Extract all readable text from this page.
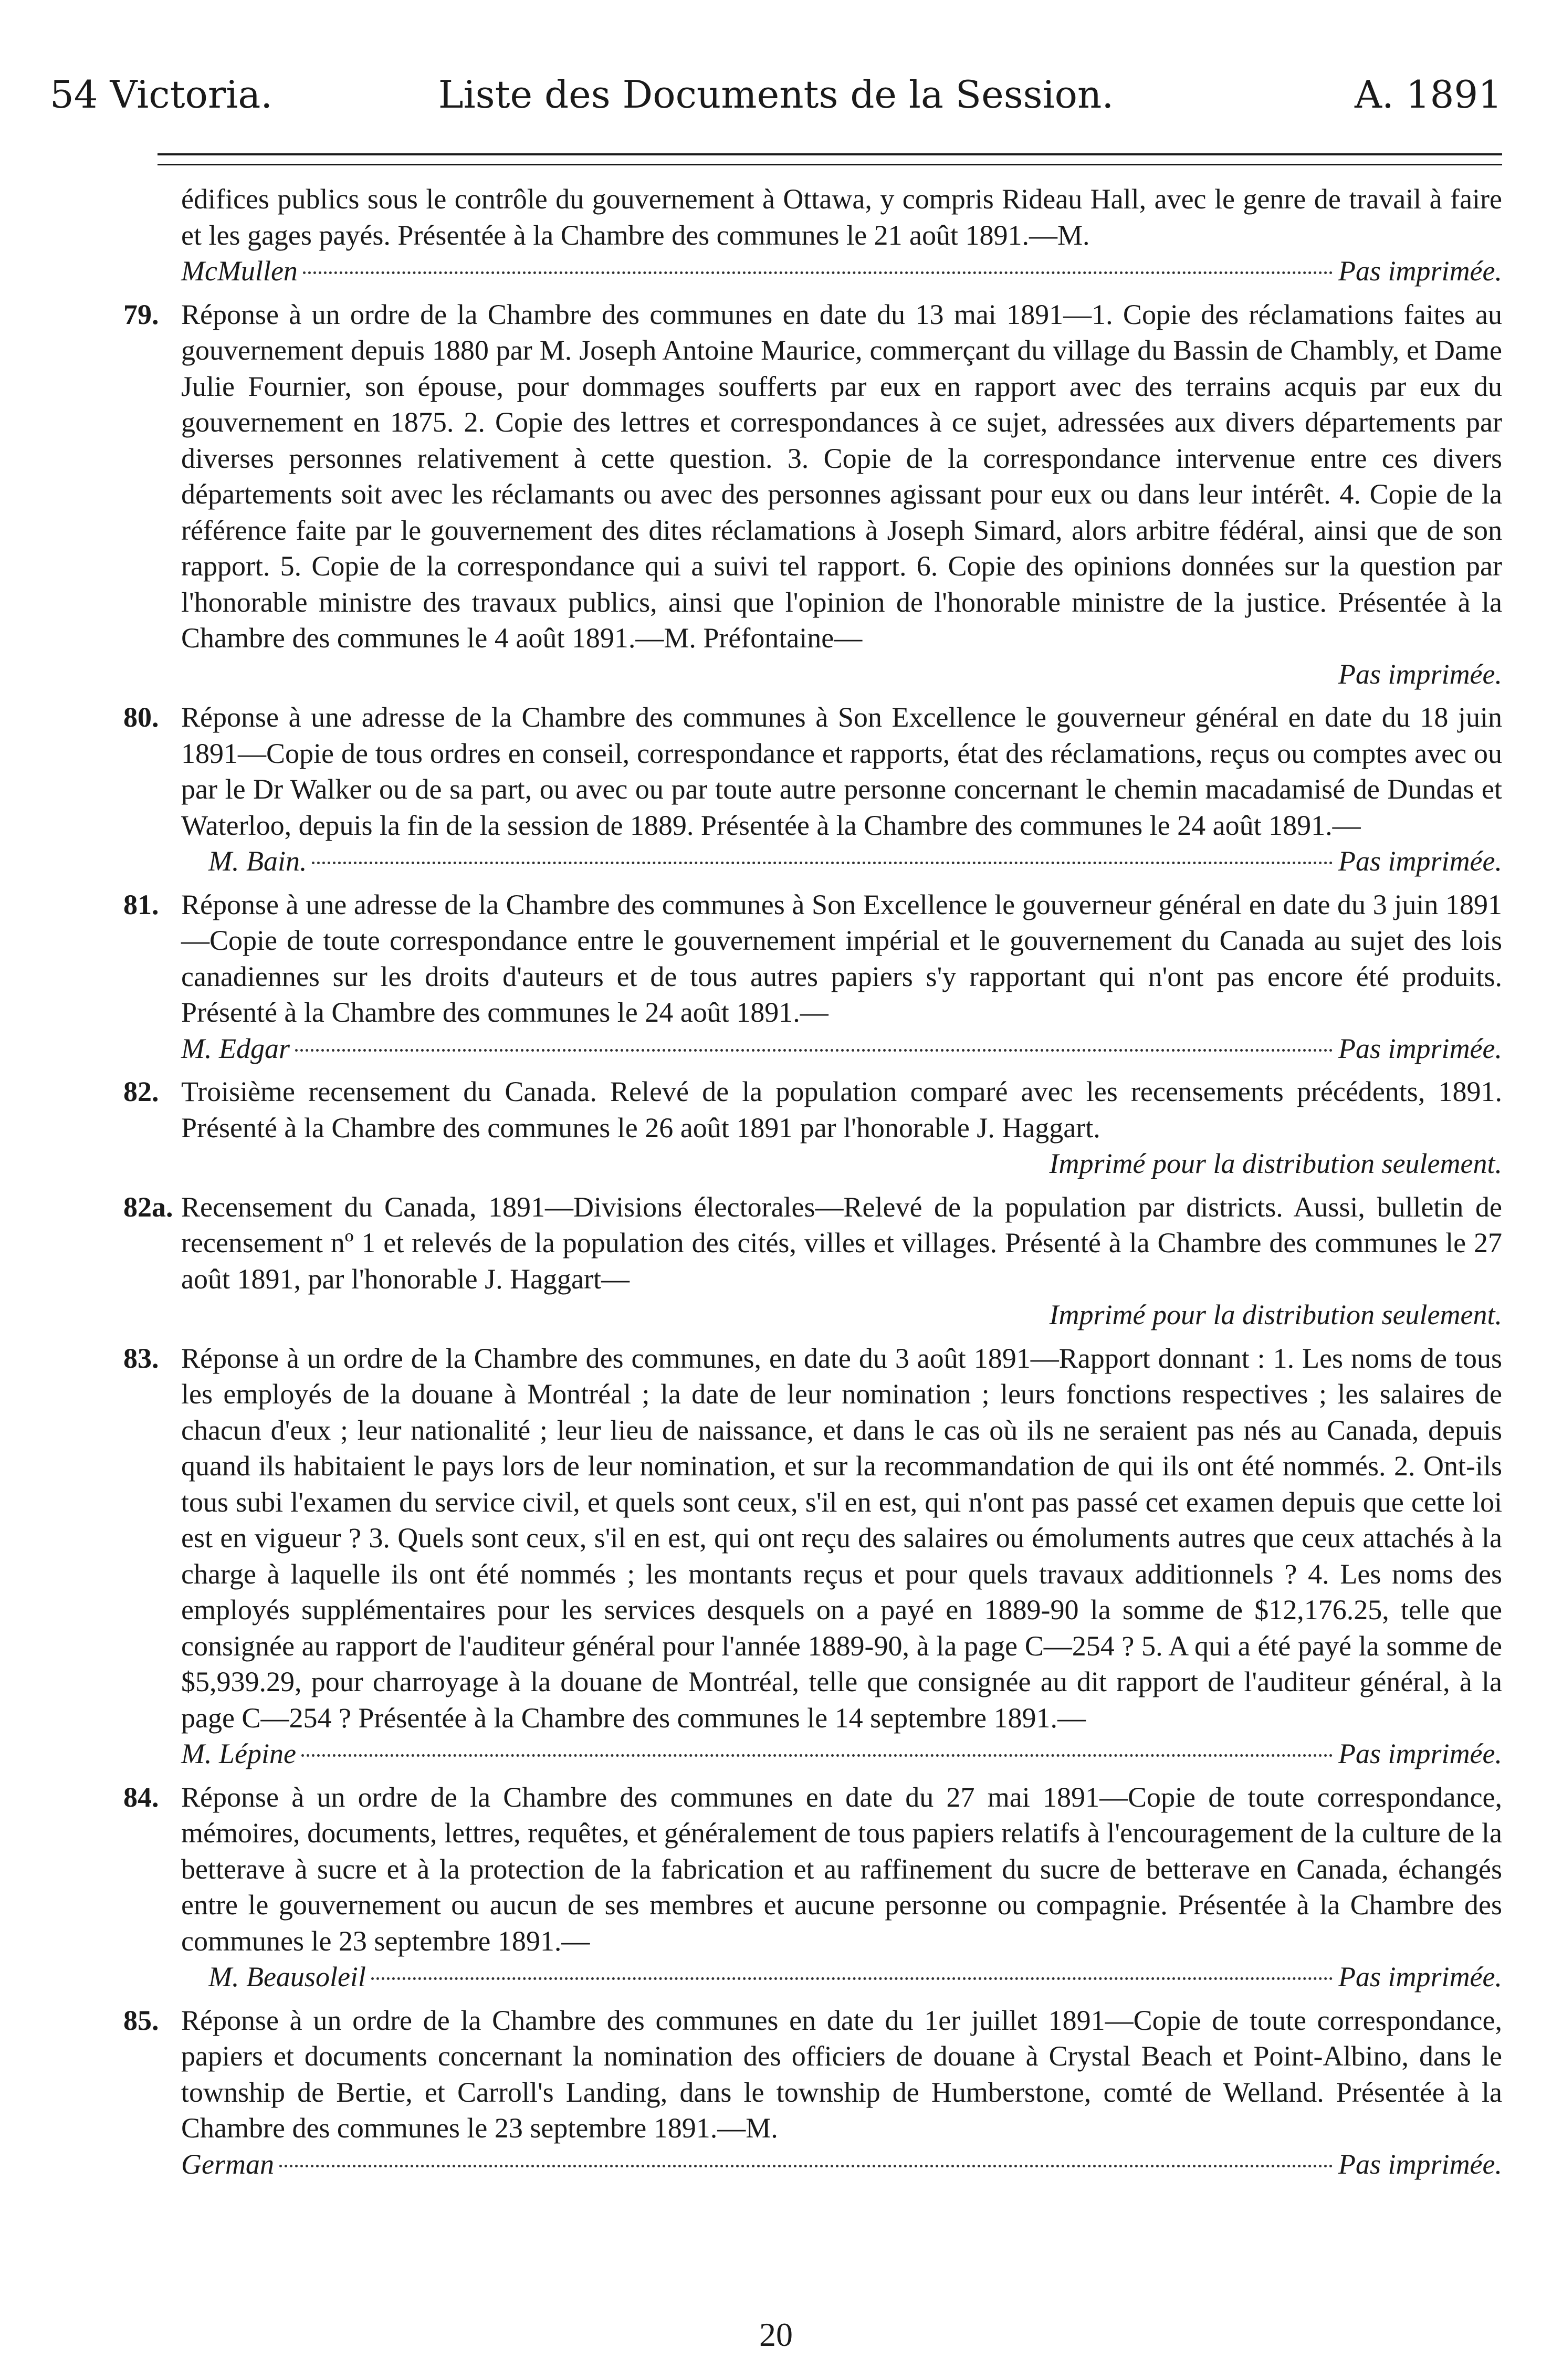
54 Victoria.	Liste des Documents de la Session.	A. 1891
édifices publics sous le contrôle du gouvernement à Ottawa, y compris Rideau Hall, avec le genre de travail à faire et les gages payés. Présentée à la Chambre des communes le 21 août 1891.—M.
McMullen	Pas imprimée.
79. Réponse à un ordre de la Chambre des communes en date du 13 mai 1891—1. Copie des réclamations faites au gouvernement depuis 1880 par M. Joseph Antoine Maurice, commerçant du village du Bassin de Chambly, et Dame Julie Fournier, son épouse, pour dommages soufferts par eux en rapport avec des terrains acquis par eux du gouvernement en 1875. 2. Copie des lettres et correspondances à ce sujet, adressées aux divers départements par diverses personnes relativement à cette question. 3. Copie de la correspondance intervenue entre ces divers départements soit avec les réclamants ou avec des personnes agissant pour eux ou dans leur intérêt. 4. Copie de la référence faite par le gouvernement des dites réclamations à Joseph Simard, alors arbitre fédéral, ainsi que de son rapport. 5. Copie de la correspondance qui a suivi tel rapport. 6. Copie des opinions données sur la question par l'honorable ministre des travaux publics, ainsi que l'opinion de l'honorable ministre de la justice. Présentée à la Chambre des communes le 4 août 1891.—M. Préfontaine—
Pas imprimée.
80. Réponse à une adresse de la Chambre des communes à Son Excellence le gouverneur général en date du 18 juin 1891—Copie de tous ordres en conseil, correspondance et rapports, état des réclamations, reçus ou comptes avec ou par le Dr Walker ou de sa part, ou avec ou par toute autre personne concernant le chemin macadamisé de Dundas et Waterloo, depuis la fin de la session de 1889. Présentée à la Chambre des communes le 24 août 1891.—
M. Bain.	Pas imprimée.
81. Réponse à une adresse de la Chambre des communes à Son Excellence le gouverneur général en date du 3 juin 1891—Copie de toute correspondance entre le gouvernement impérial et le gouvernement du Canada au sujet des lois canadiennes sur les droits d'auteurs et de tous autres papiers s'y rapportant qui n'ont pas encore été produits. Présenté à la Chambre des communes le 24 août 1891.—
M. Edgar	Pas imprimée.
82. Troisième recensement du Canada. Relevé de la population comparé avec les recensements précédents, 1891. Présenté à la Chambre des communes le 26 août 1891 par l'honorable J. Haggart.
Imprimé pour la distribution seulement.
82a. Recensement du Canada, 1891—Divisions électorales—Relevé de la population par districts. Aussi, bulletin de recensement nº 1 et relevés de la population des cités, villes et villages. Présenté à la Chambre des communes le 27 août 1891, par l'honorable J. Haggart—
Imprimé pour la distribution seulement.
83. Réponse à un ordre de la Chambre des communes, en date du 3 août 1891—Rapport donnant : 1. Les noms de tous les employés de la douane à Montréal ; la date de leur nomination ; leurs fonctions respectives ; les salaires de chacun d'eux ; leur nationalité ; leur lieu de naissance, et dans le cas où ils ne seraient pas nés au Canada, depuis quand ils habitaient le pays lors de leur nomination, et sur la recommandation de qui ils ont été nommés. 2. Ont-ils tous subi l'examen du service civil, et quels sont ceux, s'il en est, qui n'ont pas passé cet examen depuis que cette loi est en vigueur ? 3. Quels sont ceux, s'il en est, qui ont reçu des salaires ou émoluments autres que ceux attachés à la charge à laquelle ils ont été nommés ; les montants reçus et pour quels travaux additionnels ? 4. Les noms des employés supplémentaires pour les services desquels on a payé en 1889-90 la somme de $12,176.25, telle que consignée au rapport de l'auditeur général pour l'année 1889-90, à la page C—254 ? 5. A qui a été payé la somme de $5,939.29, pour charroyage à la douane de Montréal, telle que consignée au dit rapport de l'auditeur général, à la page C—254 ? Présentée à la Chambre des communes le 14 septembre 1891.—
M. Lépine	Pas imprimée.
84. Réponse à un ordre de la Chambre des communes en date du 27 mai 1891—Copie de toute correspondance, mémoires, documents, lettres, requêtes, et généralement de tous papiers relatifs à l'encouragement de la culture de la betterave à sucre et à la protection de la fabrication et au raffinement du sucre de betterave en Canada, échangés entre le gouvernement ou aucun de ses membres et aucune personne ou compagnie. Présentée à la Chambre des communes le 23 septembre 1891.—
M. Beausoleil	Pas imprimée.
85. Réponse à un ordre de la Chambre des communes en date du 1er juillet 1891—Copie de toute correspondance, papiers et documents concernant la nomination des officiers de douane à Crystal Beach et Point-Albino, dans le township de Bertie, et Carroll's Landing, dans le township de Humberstone, comté de Welland. Présentée à la Chambre des communes le 23 septembre 1891.—M.
German	Pas imprimée.
20
